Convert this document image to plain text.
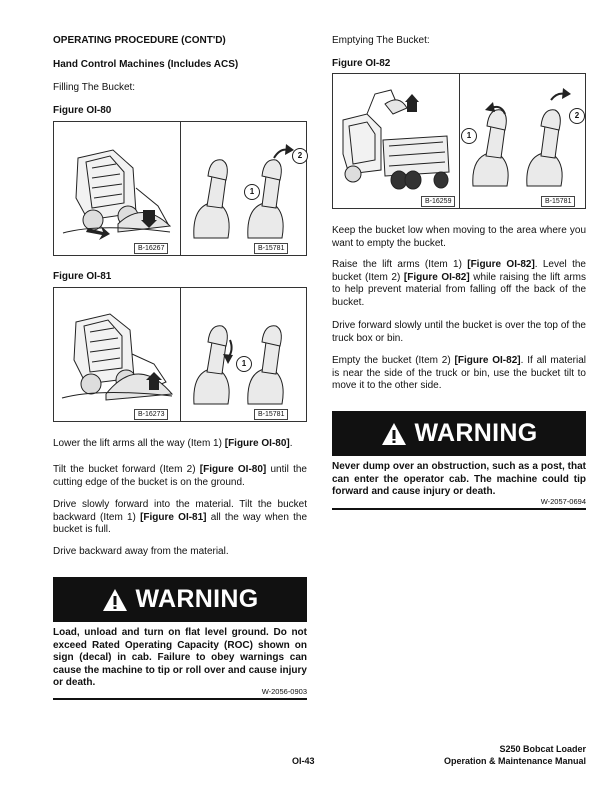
OPERATING PROCEDURE (CONT'D)
Hand Control Machines (Includes ACS)
Filling The Bucket:
Figure OI-80
B-16267
2
1
B-15781
Figure OI-81
B-16273
1
B-15781
Lower the lift arms all the way (Item 1) [Figure OI-80].
Tilt the bucket forward (Item 2) [Figure OI-80] until the cutting edge of the bucket is on the ground.
Drive slowly forward into the material. Tilt the bucket backward (Item 1) [Figure OI-81] all the way when the bucket is full.
Drive backward away from the material.
WARNING
Load, unload and turn on flat level ground. Do not exceed Rated Operating Capacity (ROC) shown on sign (decal) in cab. Failure to obey warnings can cause the machine to tip or roll over and cause injury or death.
W-2056-0903
Emptying The Bucket:
Figure OI-82
B-16259
1
2
B-15781
Keep the bucket low when moving to the area where you want to empty the bucket.
Raise the lift arms (Item 1) [Figure OI-82]. Level the bucket (Item 2) [Figure OI-82] while raising the lift arms to help prevent material from falling off the back of the bucket.
Drive forward slowly until the bucket is over the top of the truck box or bin.
Empty the bucket (Item 2) [Figure OI-82]. If all material is near the side of the truck or bin, use the bucket tilt to move it to the other side.
WARNING
Never dump over an obstruction, such as a post, that can enter the operator cab. The machine could tip forward and cause injury or death.
W-2057-0694
OI-43
S250 Bobcat Loader
Operation & Maintenance Manual
